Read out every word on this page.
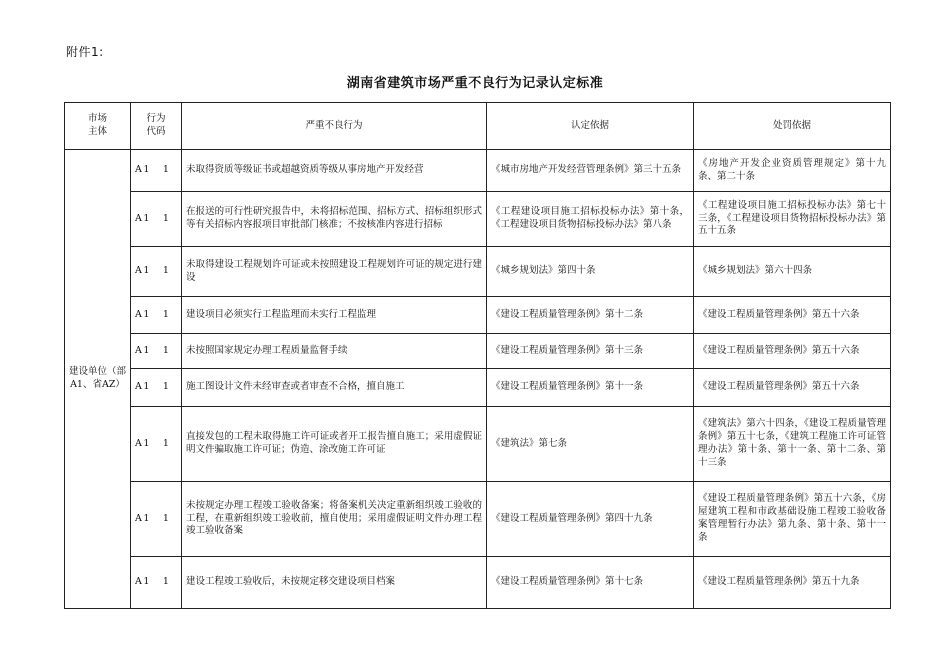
附件1:
湖南省建筑市场严重不良行为记录认定标准
市场主体	行为代码	严重不良行为	认定依据	处罚依据
建设单位（部A1、省AZ）	A1 1	未取得资质等级证书或超越资质等级从事房地产开发经营	《城市房地产开发经营管理条例》第三十五条	《房地产开发企业资质管理规定》第十九条、第二十条
	A1 1	在报送的可行性研究报告中，未将招标范围、招标方式、招标组织形式等有关招标内容报项目审批部门核准；不按核准内容进行招标	《工程建设项目施工招标投标办法》第十条，《工程建设项目货物招标投标办法》第八条	《工程建设项目施工招标投标办法》第七十三条，《工程建设项目货物招标投标办法》第五十五条
	A1 1	未取得建设工程规划许可证或未按照建设工程规划许可证的规定进行建设	《城乡规划法》第四十条	《城乡规划法》第六十四条
	A1 1	建设项目必须实行工程监理而未实行工程监理	《建设工程质量管理条例》第十二条	《建设工程质量管理条例》第五十六条
	A1 1	未按照国家规定办理工程质量监督手续	《建设工程质量管理条例》第十三条	《建设工程质量管理条例》第五十六条
	A1 1	施工图设计文件未经审查或者审查不合格，擅自施工	《建设工程质量管理条例》第十一条	《建设工程质量管理条例》第五十六条
	A1 1	直接发包的工程未取得施工许可证或者开工报告擅自施工；采用虚假证明文件骗取施工许可证；伪造、涂改施工许可证	《建筑法》第七条	《建筑法》第六十四条，《建设工程质量管理条例》第五十七条，《建筑工程施工许可证管理办法》第十条、第十一条、第十二条、第十三条
	A1 1	未按规定办理工程竣工验收备案；将备案机关决定重新组织竣工验收的工程，在重新组织竣工验收前，擅自使用；采用虚假证明文件办理工程竣工验收备案	《建设工程质量管理条例》第四十九条	《建设工程质量管理条例》第五十六条，《房屋建筑工程和市政基础设施工程竣工验收备案管理暂行办法》第九条、第十条、第十一条
	A1 1	建设工程竣工验收后，未按规定移交建设项目档案	《建设工程质量管理条例》第十七条	《建设工程质量管理条例》第五十九条
